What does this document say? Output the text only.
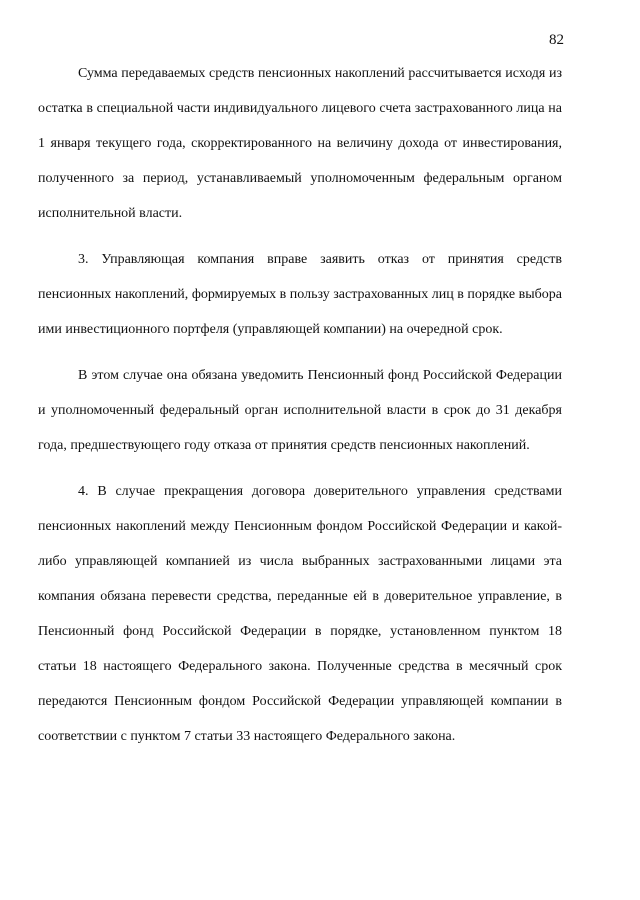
82

Сумма передаваемых средств пенсионных накоплений рассчитывается исходя из остатка в специальной части индивидуального лицевого счета застрахованного лица на 1 января текущего года, скорректированного на величину дохода от инвестирования, полученного за период, устанавливаемый уполномоченным федеральным органом исполнительной власти.

3. Управляющая компания вправе заявить отказ от принятия средств пенсионных накоплений, формируемых в пользу застрахованных лиц в порядке выбора ими инвестиционного портфеля (управляющей компании) на очередной срок.

В этом случае она обязана уведомить Пенсионный фонд Российской Федерации и уполномоченный федеральный орган исполнительной власти в срок до 31 декабря года, предшествующего году отказа от принятия средств пенсионных накоплений.

4. В случае прекращения договора доверительного управления средствами пенсионных накоплений между Пенсионным фондом Российской Федерации и какой-либо управляющей компанией из числа выбранных застрахованными лицами эта компания обязана перевести средства, переданные ей в доверительное управление, в Пенсионный фонд Российской Федерации в порядке, установленном пунктом 18 статьи 18 настоящего Федерального закона. Полученные средства в месячный срок передаются Пенсионным фондом Российской Федерации управляющей компании в соответствии с пунктом 7 статьи 33 настоящего Федерального закона.
